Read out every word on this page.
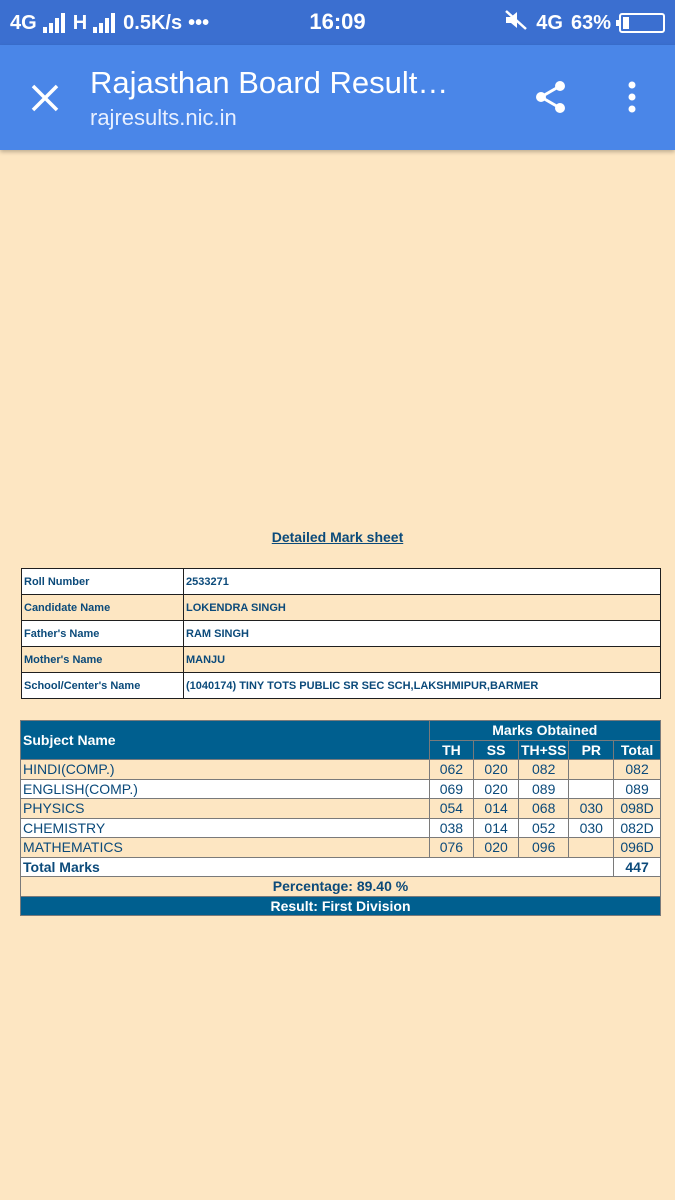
4G H 0.5K/s •••	16:09	4G 63%
Rajasthan Board Result…
rajresults.nic.in
Detailed Mark sheet
Roll Number	2533271
Candidate Name	LOKENDRA SINGH
Father's Name	RAM SINGH
Mother's Name	MANJU
School/Center's Name	(1040174) TINY TOTS PUBLIC SR SEC SCH,LAKSHMIPUR,BARMER
Subject Name	Marks Obtained				
	TH	SS	TH+SS	PR	Total
HINDI(COMP.)	062	020	082		082
ENGLISH(COMP.)	069	020	089		089
PHYSICS	054	014	068	030	098D
CHEMISTRY	038	014	052	030	082D
MATHEMATICS	076	020	096		096D
Total Marks					447
Percentage: 89.40 %					
Result: First Division					
